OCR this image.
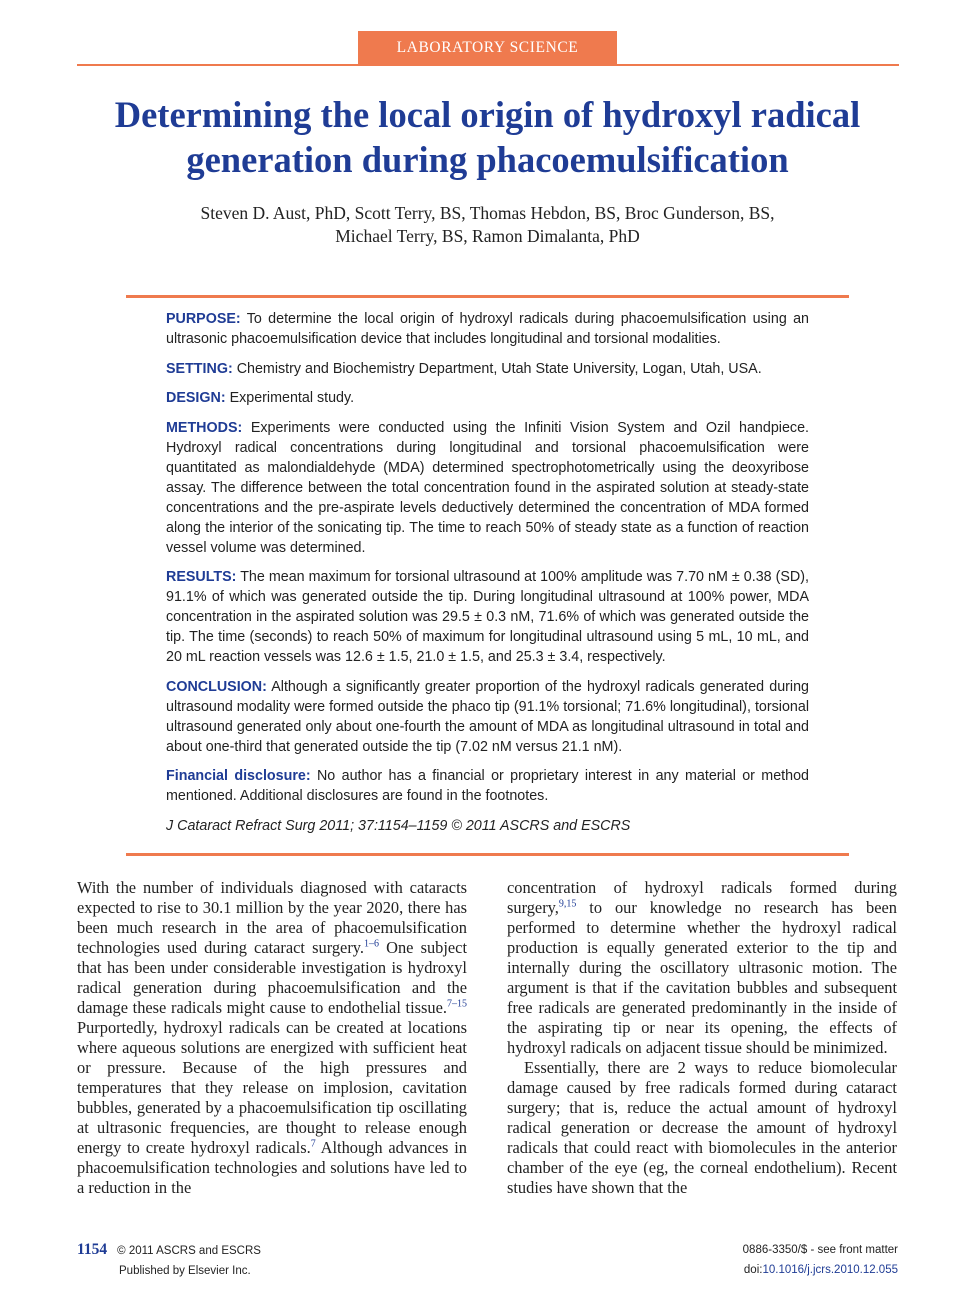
LABORATORY SCIENCE
Determining the local origin of hydroxyl radical generation during phacoemulsification
Steven D. Aust, PhD, Scott Terry, BS, Thomas Hebdon, BS, Broc Gunderson, BS,
Michael Terry, BS, Ramon Dimalanta, PhD

PURPOSE: To determine the local origin of hydroxyl radicals during phacoemulsification using an ultrasonic phacoemulsification device that includes longitudinal and torsional modalities.

SETTING: Chemistry and Biochemistry Department, Utah State University, Logan, Utah, USA.

DESIGN: Experimental study.

METHODS: Experiments were conducted using the Infiniti Vision System and Ozil handpiece. Hydroxyl radical concentrations during longitudinal and torsional phacoemulsification were quantitated as malondialdehyde (MDA) determined spectrophotometrically using the deoxyribose assay. The difference between the total concentration found in the aspirated solution at steady-state concentrations and the pre-aspirate levels deductively determined the concentration of MDA formed along the interior of the sonicating tip. The time to reach 50% of steady state as a function of reaction vessel volume was determined.

RESULTS: The mean maximum for torsional ultrasound at 100% amplitude was 7.70 nM ± 0.38 (SD), 91.1% of which was generated outside the tip. During longitudinal ultrasound at 100% power, MDA concentration in the aspirated solution was 29.5 ± 0.3 nM, 71.6% of which was generated outside the tip. The time (seconds) to reach 50% of maximum for longitudinal ultrasound using 5 mL, 10 mL, and 20 mL reaction vessels was 12.6 ± 1.5, 21.0 ± 1.5, and 25.3 ± 3.4, respectively.

CONCLUSION: Although a significantly greater proportion of the hydroxyl radicals generated during ultrasound modality were formed outside the phaco tip (91.1% torsional; 71.6% longitudinal), torsional ultrasound generated only about one-fourth the amount of MDA as longitudinal ultrasound in total and about one-third that generated outside the tip (7.02 nM versus 21.1 nM).

Financial disclosure: No author has a financial or proprietary interest in any material or method mentioned. Additional disclosures are found in the footnotes.

J Cataract Refract Surg 2011; 37:1154–1159 © 2011 ASCRS and ESCRS

With the number of individuals diagnosed with cataracts expected to rise to 30.1 million by the year 2020, there has been much research in the area of phacoemulsification technologies used during cataract surgery.$^{1-6}$ One subject that has been under considerable investigation is hydroxyl radical generation during phacoemulsification and the damage these radicals might cause to endothelial tissue.$^{7-15}$ Purportedly, hydroxyl radicals can be created at locations where aqueous solutions are energized with sufficient heat or pressure. Because of the high pressures and temperatures that they release on implosion, cavitation bubbles, generated by a phacoemulsification tip oscillating at ultrasonic frequencies, are thought to release enough energy to create hydroxyl radicals.$^7$ Although advances in phacoemulsification technologies and solutions have led to a reduction in the

concentration of hydroxyl radicals formed during surgery,$^{9,15}$ to our knowledge no research has been performed to determine whether the hydroxyl radical production is equally generated exterior to the tip and internally during the oscillatory ultrasonic motion. The argument is that if the cavitation bubbles and subsequent free radicals are generated predominantly in the inside of the aspirating tip or near its opening, the effects of hydroxyl radicals on adjacent tissue should be minimized.

Essentially, there are 2 ways to reduce biomolecular damage caused by free radicals formed during cataract surgery; that is, reduce the actual amount of hydroxyl radical generation or decrease the amount of hydroxyl radicals that could react with biomolecules in the anterior chamber of the eye (eg, the corneal endothelium). Recent studies have shown that the

1154 © 2011 ASCRS and ESCRS
Published by Elsevier Inc.
0886-3350/$ - see front matter
doi:10.1016/j.jcrs.2010.12.055
